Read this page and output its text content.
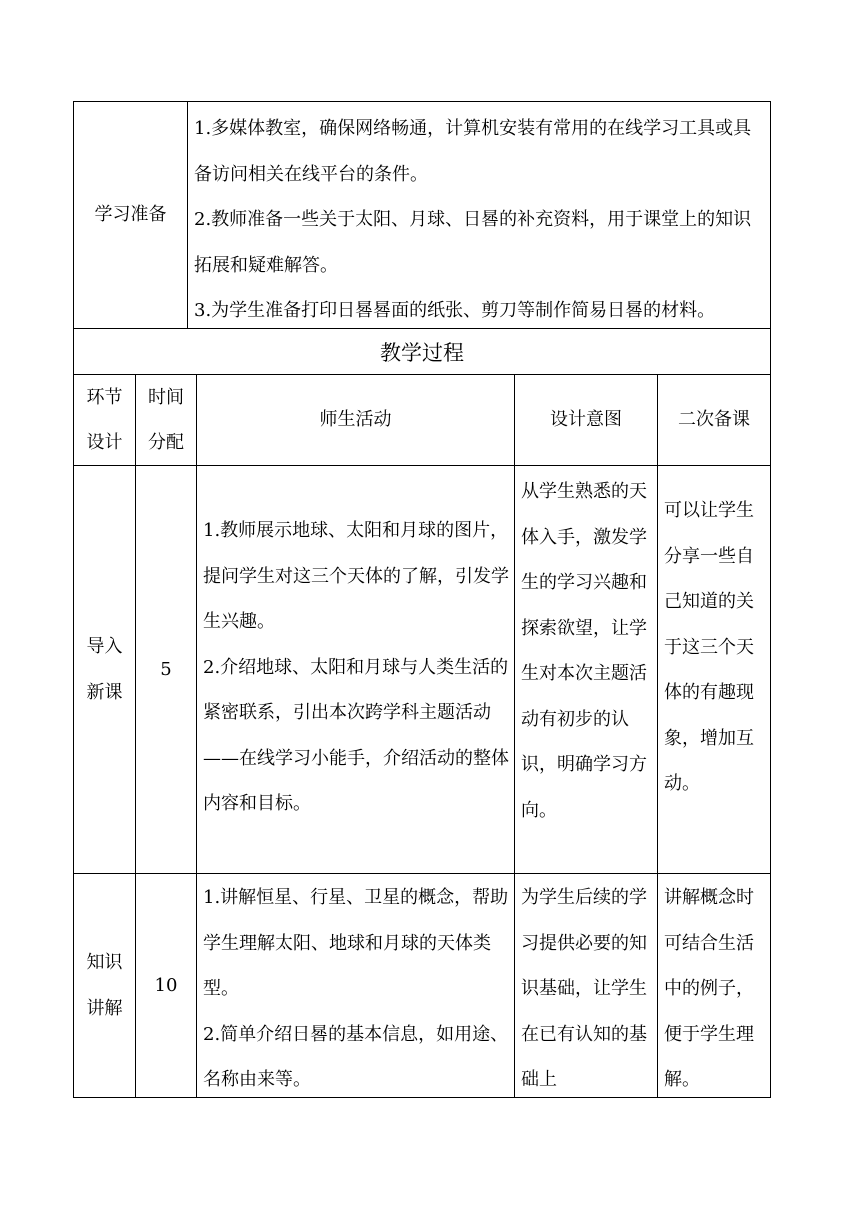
学习准备

1.多媒体教室，确保网络畅通，计算机安装有常用的在线学习工具或具备访问相关在线平台的条件。

2.教师准备一些关于太阳、月球、日晷的补充资料，用于课堂上的知识拓展和疑难解答。

3.为学生准备打印日晷晷面的纸张、剪刀等制作简易日晷的材料。

教学过程
环节设计
时间分配
师生活动	设计意图	二次备课
导入新课
5

1.教师展示地球、太阳和月球的图片，提问学生对这三个天体的了解，引发学生兴趣。

2.介绍地球、太阳和月球与人类生活的紧密联系，引出本次跨学科主题活动——在线学习小能手，介绍活动的整体内容和目标。

从学生熟悉的天体入手，激发学生的学习兴趣和探索欲望，让学生对本次主题活动有初步的认识，明确学习方向。

可以让学生分享一些自己知道的关于这三个天体的有趣现象，增加互动。

知识讲解
10

1.讲解恒星、行星、卫星的概念，帮助学生理解太阳、地球和月球的天体类型。

2.简单介绍日晷的基本信息，如用途、名称由来等。

为学生后续的学习提供必要的知识基础，让学生在已有认知的基础上

讲解概念时可结合生活中的例子，便于学生理解。
